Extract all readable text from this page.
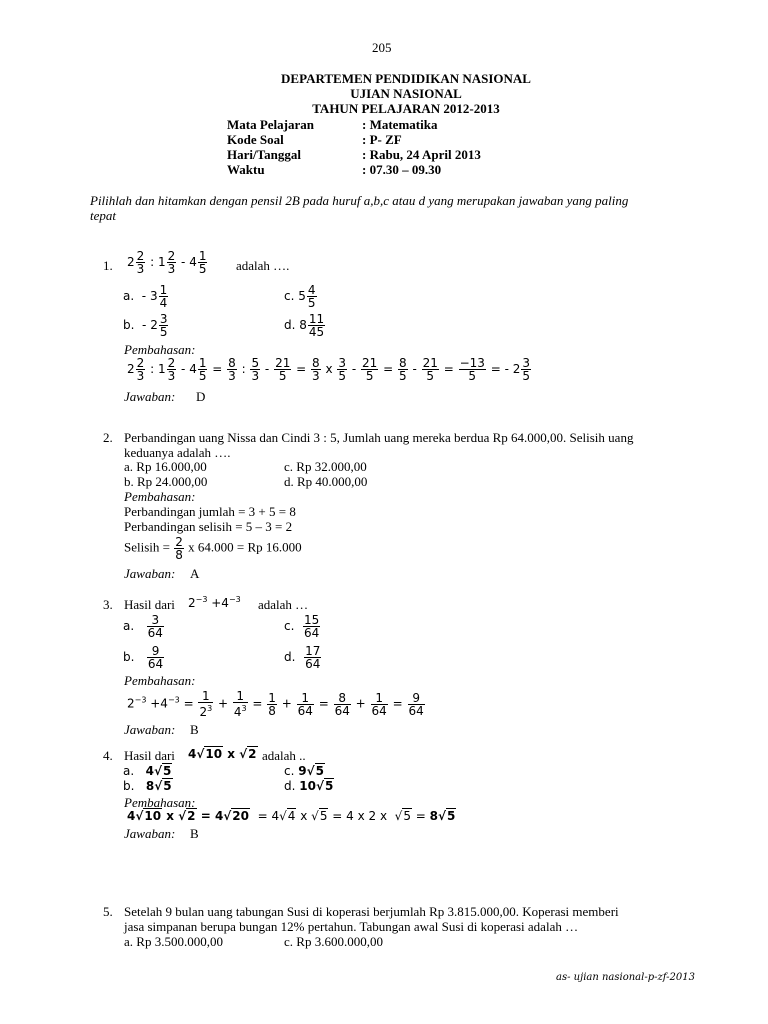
205
DEPARTEMEN PENDIDIKAN NASIONAL
UJIAN NASIONAL
TAHUN PELAJARAN 2012-2013
Mata Pelajaran	: Matematika
Kode Soal	: P- ZF
Hari/Tanggal	: Rabu, 24 April 2013
Waktu	: 07.30 – 09.30
Pilihlah dan hitamkan dengan pensil 2B pada huruf a,b,c atau d yang merupakan jawaban yang paling
tepat
1. $2 \frac{2}{3}$ : $1 \frac{2}{3} - 4 \frac{1}{5}$ adalah ….
a.  - $3 \frac{1}{4}$	c. $5 \frac{4}{5}$
b.  - $2 \frac{3}{5}$	d. $8 \frac{11}{45}$
Pembahasan:
$2 \frac{2}{3}$ : $1 \frac{2}{3} - 4 \frac{1}{5} = \frac{8}{3}$ : $\frac{5}{3} - \frac{21}{5} = \frac{8}{3}$ x $\frac{3}{5} - \frac{21}{5} = \frac{8}{5} - \frac{21}{5} = \frac{-13}{5}$ = - $2 \frac{3}{5}$
Jawaban: D
2. Perbandingan uang Nissa dan Cindi 3 : 5, Jumlah uang mereka berdua Rp 64.000,00. Selisih uang
keduanya adalah ….
a. Rp 16.000,00	c. Rp 32.000,00
b. Rp 24.000,00	d. Rp 40.000,00
Pembahasan:
Perbandingan jumlah = 3 + 5 = 8
Perbandingan selisih = 5 – 3 = 2
Selisih = $\frac{2}{8}$ x 64.000 = Rp 16.000
Jawaban: A
3. Hasil dari $2^{-3} +4^{-3}$ adalah …
a. $\frac{3}{64}$	c. $\frac{15}{64}$
b. $\frac{9}{64}$	d. $\frac{17}{64}$
Pembahasan:
$2^{-3} +4^{-3} = \frac{1}{2^3} + \frac{1}{4^3} = \frac{1}{8} + \frac{1}{64} = \frac{8}{64} + \frac{1}{64} = \frac{9}{64}$
Jawaban: B
4. Hasil dari 4√10 x √2 adalah ..
a.   4√5	c. 9√5
b.   8√5	d. 10√5
Pembahasan:
4√10 x √2 = 4√20  = 4√4 x √5 = 4 x 2 x  √5 = 8√5
Jawaban: B
5. Setelah 9 bulan uang tabungan Susi di koperasi berjumlah Rp 3.815.000,00. Koperasi memberi
jasa simpanan berupa bungan 12% pertahun. Tabungan awal Susi di koperasi adalah …
a. Rp 3.500.000,00	c. Rp 3.600.000,00
as- ujian nasional-p-zf-2013
